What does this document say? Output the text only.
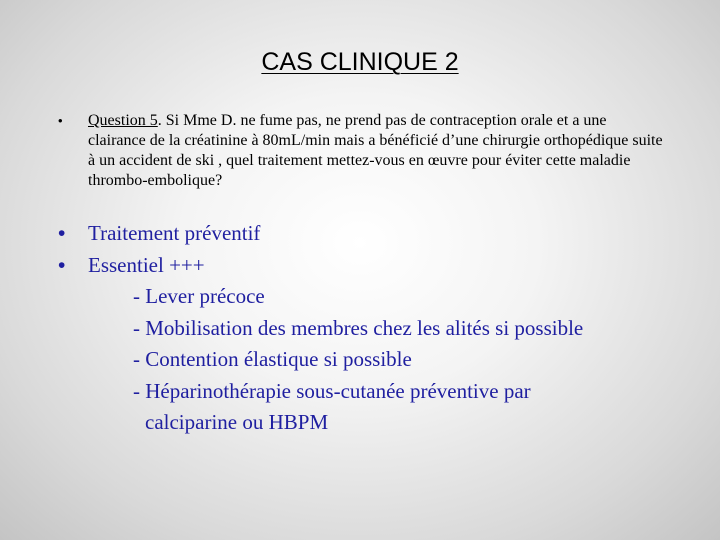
CAS CLINIQUE 2
• Question 5. Si Mme D. ne fume pas, ne prend pas de contraception orale et a une clairance de la créatinine à 80mL/min mais a bénéficié d’une chirurgie orthopédique suite à un accident de ski , quel traitement mettez-vous en œuvre pour éviter cette maladie thrombo-embolique?
• Traitement préventif
• Essentiel +++
- Lever précoce
- Mobilisation des membres chez les alités si possible
- Contention élastique si possible
- Héparinothérapie sous-cutanée préventive par
calciparine ou HBPM
